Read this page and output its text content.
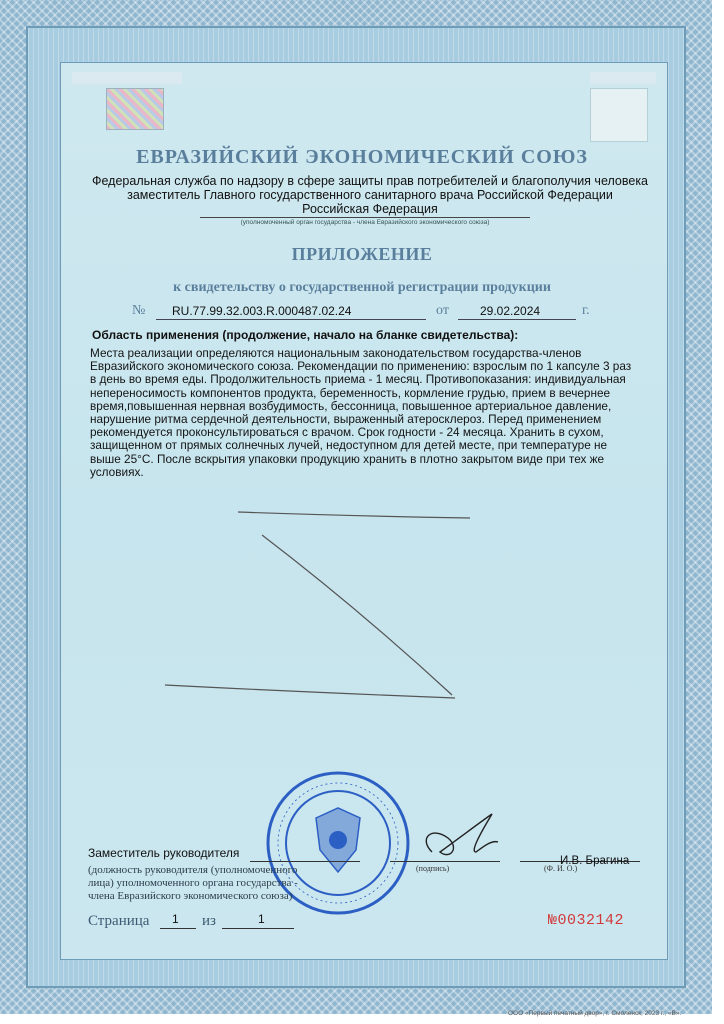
ЕВРАЗИЙСКИЙ ЭКОНОМИЧЕСКИЙ СОЮЗ
Федеральная служба по надзору в сфере защиты прав потребителей и благополучия человека
заместитель Главного государственного санитарного врача Российской Федерации
Российская Федерация
(уполномоченный орган государства - члена Евразийского экономического союза)
ПРИЛОЖЕНИЕ
к свидетельству о государственной регистрации продукции
№ RU.77.99.32.003.R.000487.02.24	от	29.02.2024	г.
Область применения (продолжение, начало на бланке свидетельства):
Места реализации определяются национальным законодательством государства-членов Евразийского экономического союза. Рекомендации по применению: взрослым по 1 капсуле 3 раз в день во время еды. Продолжительность приема - 1 месяц. Противопоказания: индивидуальная непереносимость компонентов продукта, беременность, кормление грудью, прием в вечернее время,повышенная нервная возбудимость, бессонница, повышенное артериальное давление, нарушение ритма сердечной деятельности, выраженный атеросклероз. Перед применением рекомендуется проконсультироваться с врачом. Срок годности - 24 месяца. Хранить в сухом, защищенном от прямых солнечных лучей, недоступном для детей месте, при температуре не выше 25°С. После вскрытия упаковки продукцию хранить в плотно закрытом виде при тех же условиях.
Заместитель руководителя
И.В. Брагина
(подпись)	(Ф. И. О.)
(должность руководителя (уполномоченного
лица) уполномоченного органа государства -
члена Евразийского экономического союза)
Страница 1 из	1	№0032142
ООО «Первый печатный двор», г. Смоленск, 2023 г., «В».
